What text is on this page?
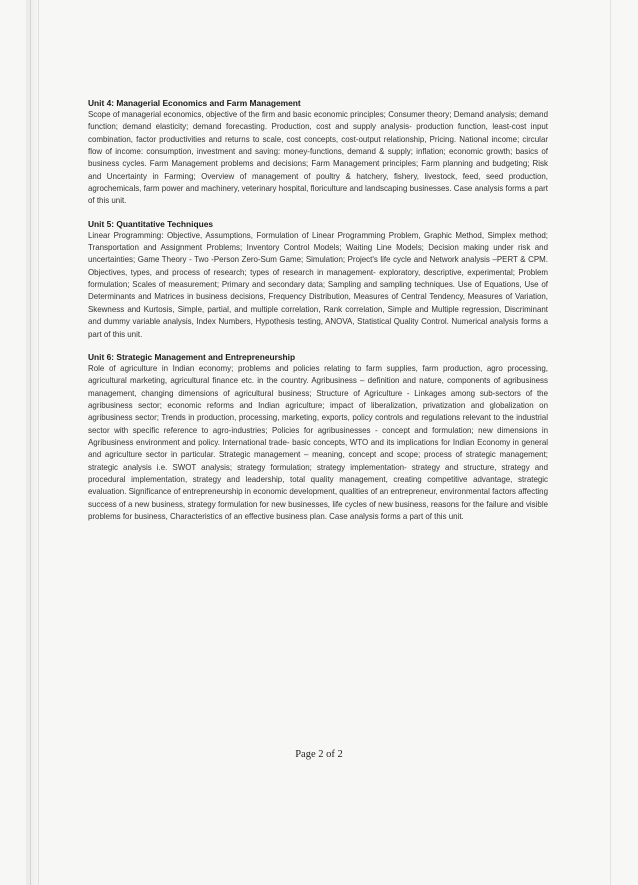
Unit 4: Managerial Economics and Farm Management

Scope of managerial economics, objective of the firm and basic economic principles; Consumer theory; Demand analysis; demand function; demand elasticity; demand forecasting. Production, cost and supply analysis- production function, least-cost input combination, factor productivities and returns to scale, cost concepts, cost-output relationship, Pricing. National income; circular flow of income: consumption, investment and saving: money-functions, demand & supply; inflation; economic growth; basics of business cycles. Farm Management problems and decisions; Farm Management principles; Farm planning and budgeting; Risk and Uncertainty in Farming; Overview of management of poultry & hatchery, fishery, livestock, feed, seed production, agrochemicals, farm power and machinery, veterinary hospital, floriculture and landscaping businesses. Case analysis forms a part of this unit.

Unit 5: Quantitative Techniques

Linear Programming: Objective, Assumptions, Formulation of Linear Programming Problem, Graphic Method, Simplex method; Transportation and Assignment Problems; Inventory Control Models; Waiting Line Models; Decision making under risk and uncertainties; Game Theory - Two -Person Zero-Sum Game; Simulation; Project's life cycle and Network analysis –PERT & CPM. Objectives, types, and process of research; types of research in management- exploratory, descriptive, experimental; Problem formulation; Scales of measurement; Primary and secondary data; Sampling and sampling techniques. Use of Equations, Use of Determinants and Matrices in business decisions, Frequency Distribution, Measures of Central Tendency, Measures of Variation, Skewness and Kurtosis, Simple, partial, and multiple correlation, Rank correlation, Simple and Multiple regression, Discriminant and dummy variable analysis, Index Numbers, Hypothesis testing, ANOVA, Statistical Quality Control. Numerical analysis forms a part of this unit.

Unit 6: Strategic Management and Entrepreneurship

Role of agriculture in Indian economy; problems and policies relating to farm supplies, farm production, agro processing, agricultural marketing, agricultural finance etc. in the country. Agribusiness – definition and nature, components of agribusiness management, changing dimensions of agricultural business; Structure of Agriculture - Linkages among sub-sectors of the agribusiness sector; economic reforms and Indian agriculture; impact of liberalization, privatization and globalization on agribusiness sector; Trends in production, processing, marketing, exports, policy controls and regulations relevant to the industrial sector with specific reference to agro-industries; Policies for agribusinesses - concept and formulation; new dimensions in Agribusiness environment and policy. International trade- basic concepts, WTO and its implications for Indian Economy in general and agriculture sector in particular. Strategic management – meaning, concept and scope; process of strategic management; strategic analysis i.e. SWOT analysis; strategy formulation; strategy implementation- strategy and structure, strategy and procedural implementation, strategy and leadership, total quality management, creating competitive advantage, strategic evaluation. Significance of entrepreneurship in economic development, qualities of an entrepreneur, environmental factors affecting success of a new business, strategy formulation for new businesses, life cycles of new business, reasons for the failure and visible problems for business, Characteristics of an effective business plan. Case analysis forms a part of this unit.

Page 2 of 2
